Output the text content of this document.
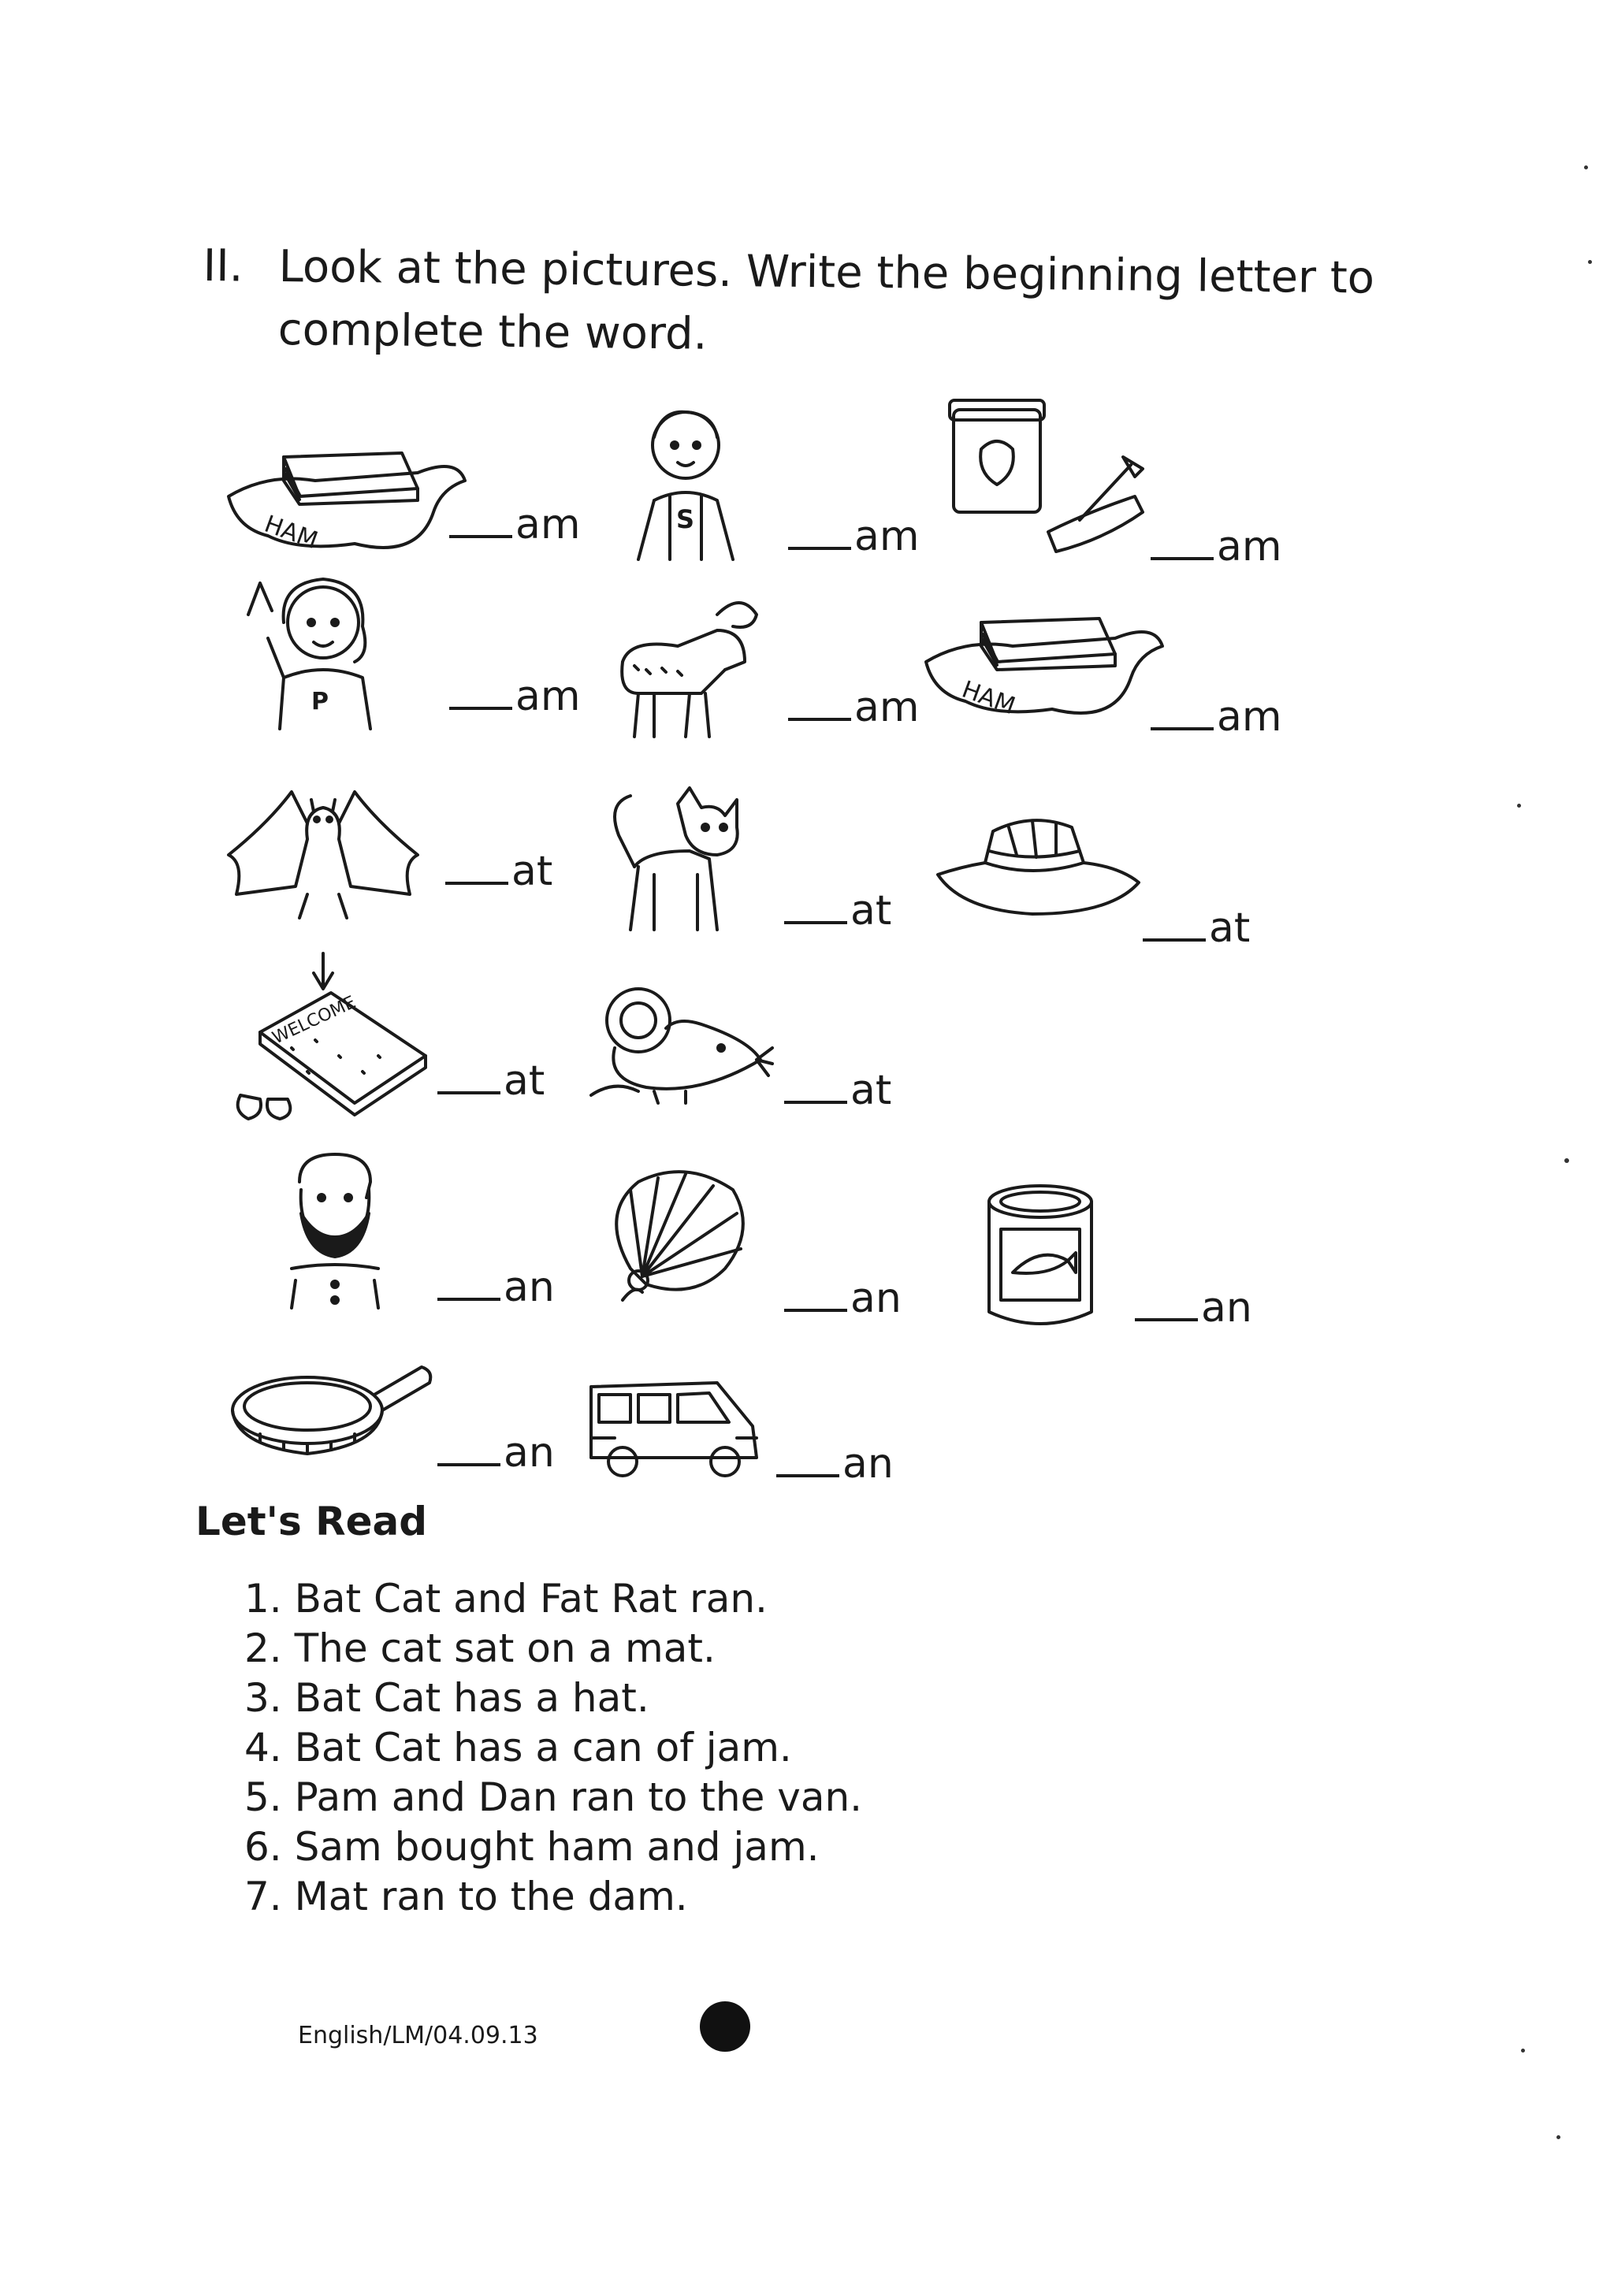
II. Look at the pictures. Write the beginning letter to
complete the word.
HAM	am	S	am	am
P	am	am HAM	am
at
at	at
WELCOME
at	at
an	an	an
an	an
Let's Read
1. Bat Cat and Fat Rat ran.
2. The cat sat on a mat.
3. Bat Cat has a hat.
4. Bat Cat has a can of jam.
5. Pam and Dan ran to the van.
6. Sam bought ham and jam.
7. Mat ran to the dam.
English/LM/04.09.13
